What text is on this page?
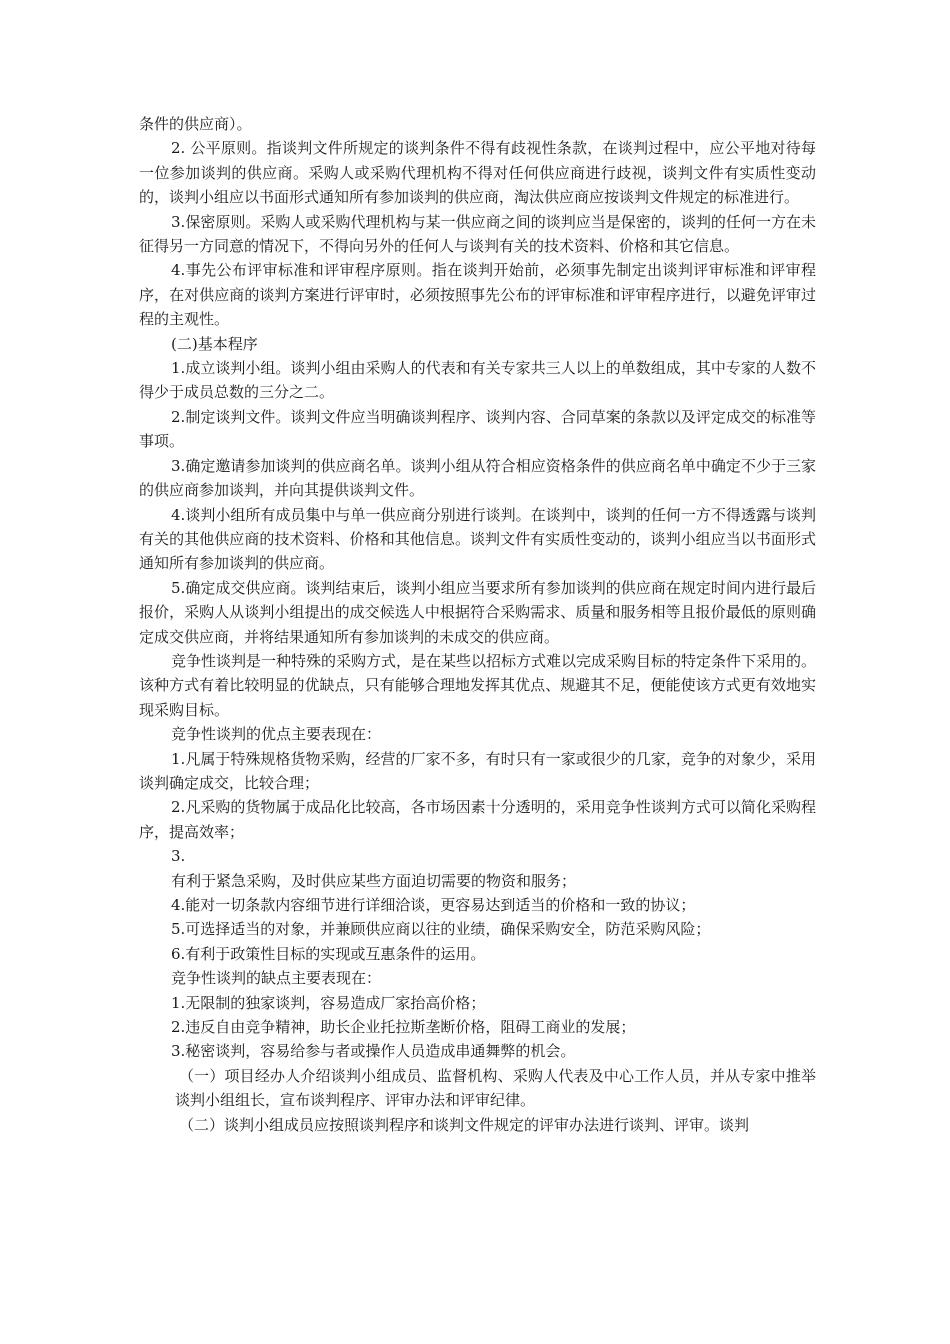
条件的供应商）。

2. 公平原则。指谈判文件所规定的谈判条件不得有歧视性条款，在谈判过程中，应公平地对待每一位参加谈判的供应商。采购人或采购代理机构不得对任何供应商进行歧视，谈判文件有实质性变动的，谈判小组应以书面形式通知所有参加谈判的供应商，淘汰供应商应按谈判文件规定的标准进行。

3.保密原则。采购人或采购代理机构与某一供应商之间的谈判应当是保密的，谈判的任何一方在未征得另一方同意的情况下，不得向另外的任何人与谈判有关的技术资料、价格和其它信息。

4.事先公布评审标准和评审程序原则。指在谈判开始前，必须事先制定出谈判评审标准和评审程序，在对供应商的谈判方案进行评审时，必须按照事先公布的评审标准和评审程序进行，以避免评审过程的主观性。

(二)基本程序

1.成立谈判小组。谈判小组由采购人的代表和有关专家共三人以上的单数组成，其中专家的人数不得少于成员总数的三分之二。

2.制定谈判文件。谈判文件应当明确谈判程序、谈判内容、合同草案的条款以及评定成交的标准等事项。

3.确定邀请参加谈判的供应商名单。谈判小组从符合相应资格条件的供应商名单中确定不少于三家的供应商参加谈判，并向其提供谈判文件。

4.谈判小组所有成员集中与单一供应商分别进行谈判。在谈判中，谈判的任何一方不得透露与谈判有关的其他供应商的技术资料、价格和其他信息。谈判文件有实质性变动的，谈判小组应当以书面形式通知所有参加谈判的供应商。

5.确定成交供应商。谈判结束后，谈判小组应当要求所有参加谈判的供应商在规定时间内进行最后报价，采购人从谈判小组提出的成交候选人中根据符合采购需求、质量和服务相等且报价最低的原则确定成交供应商，并将结果通知所有参加谈判的未成交的供应商。

竞争性谈判是一种特殊的采购方式，是在某些以招标方式难以完成采购目标的特定条件下采用的。该种方式有着比较明显的优缺点，只有能够合理地发挥其优点、规避其不足，便能使该方式更有效地实现采购目标。

竞争性谈判的优点主要表现在：

1.凡属于特殊规格货物采购，经营的厂家不多，有时只有一家或很少的几家，竞争的对象少，采用谈判确定成交，比较合理；

2.凡采购的货物属于成品化比较高，各市场因素十分透明的，采用竞争性谈判方式可以简化采购程序，提高效率；

3.

有利于紧急采购，及时供应某些方面迫切需要的物资和服务；

4.能对一切条款内容细节进行详细洽谈，更容易达到适当的价格和一致的协议；

5.可选择适当的对象，并兼顾供应商以往的业绩，确保采购安全，防范采购风险；

6.有利于政策性目标的实现或互惠条件的运用。

竞争性谈判的缺点主要表现在：

1.无限制的独家谈判，容易造成厂家抬高价格；

2.违反自由竞争精神，助长企业托拉斯垄断价格，阻碍工商业的发展；

3.秘密谈判，容易给参与者或操作人员造成串通舞弊的机会。

（一）项目经办人介绍谈判小组成员、监督机构、采购人代表及中心工作人员，并从专家中推举谈判小组组长，宣布谈判程序、评审办法和评审纪律。

（二）谈判小组成员应按照谈判程序和谈判文件规定的评审办法进行谈判、评审。谈判
